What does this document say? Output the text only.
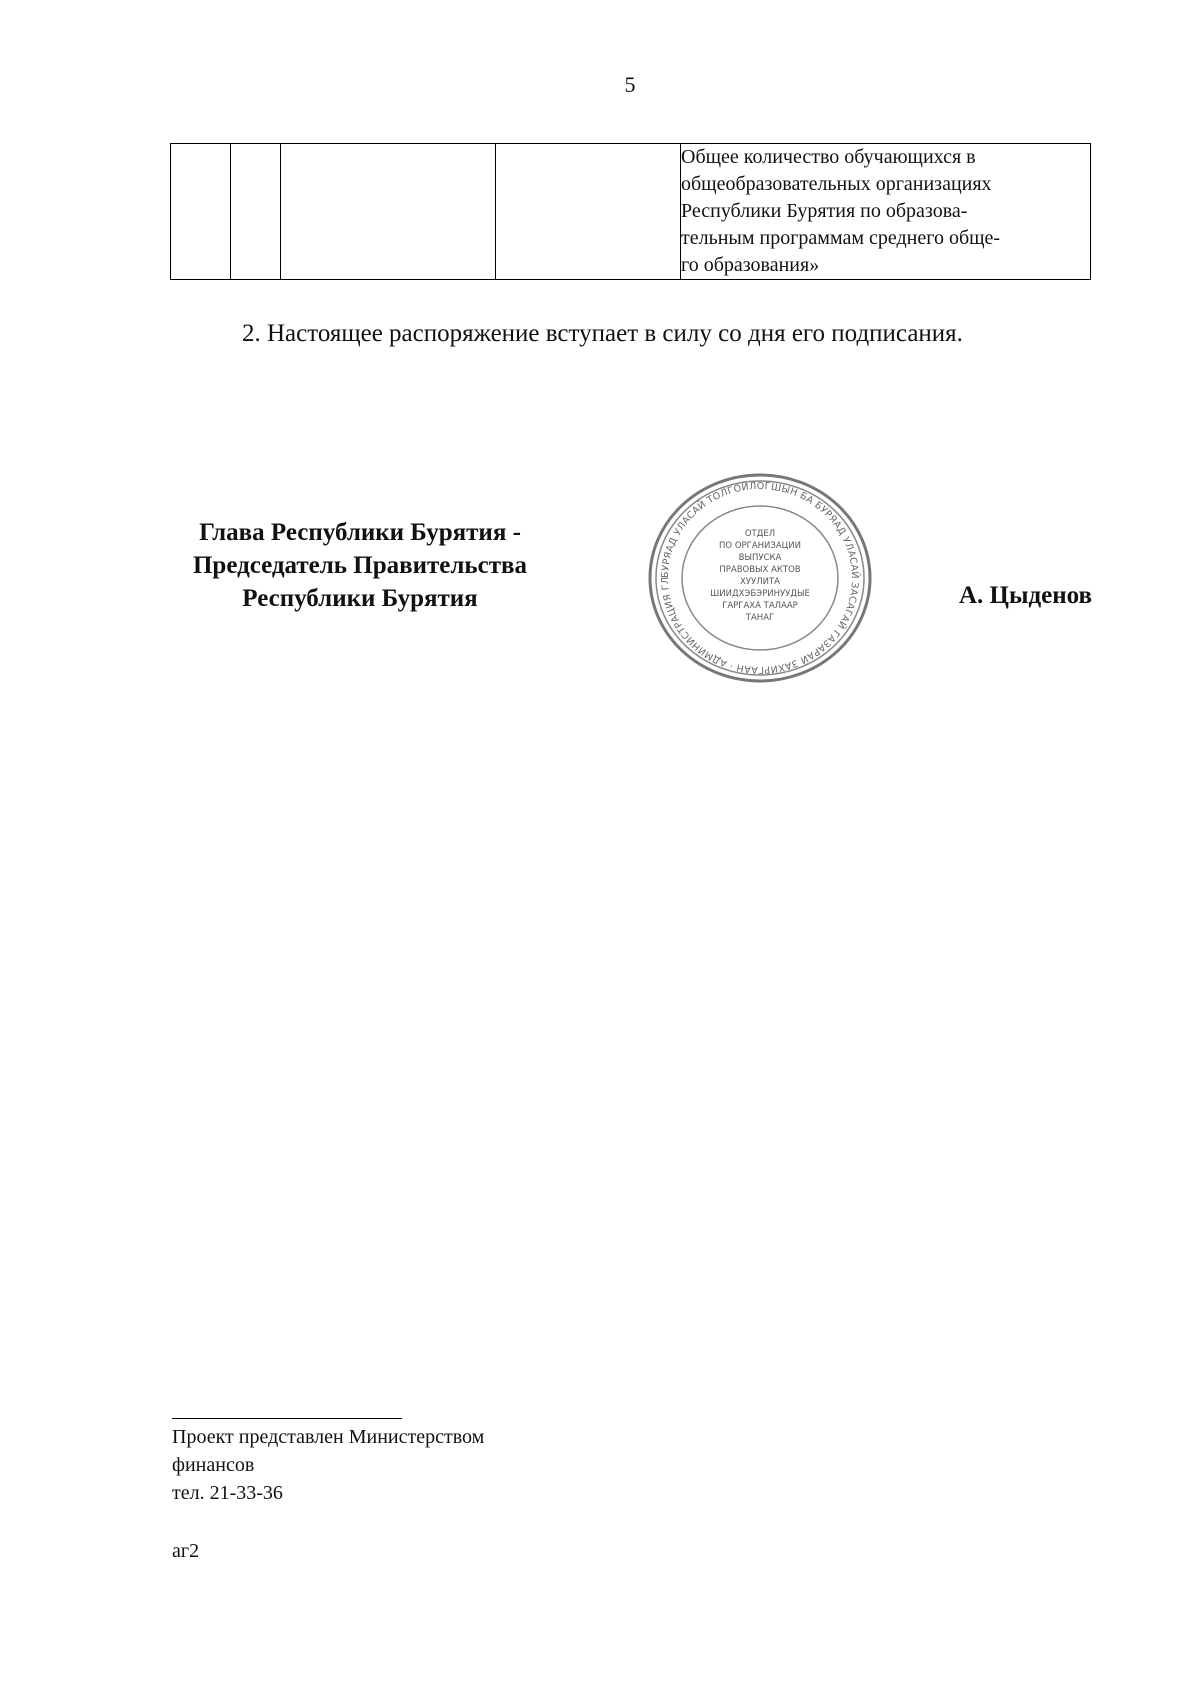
5

Общее количество обучающихся в
общеобразовательных организациях
Республики Бурятия по образова-
тельным программам среднего обще-
го образования»
2. Настоящее распоряжение вступает в силу со дня его подписания.
Глава Республики Бурятия -
Председатель Правительства
Республики Бурятия
БУРЯАД УЛАСАЙ ТОЛГОЙЛОГШЫН БА БУРЯАД УЛАСАЙ ЗАСАГАЙ ГАЗАРАЙ ЗАХИРГААН · АДМИНИСТРАЦИЯ ГЛ
ОТДЕЛ
ПО ОРГАНИЗАЦИИ
ВЫПУСКА
ПРАВОВЫХ АКТОВ
ХУУЛИТА
ШИИДХЭБЭРИНУУДЫЕ
ГАРГАХА ТАЛААР
ТАНАГ
А. Цыденов
Проект представлен Министерством
финансов
тел. 21-33-36
аг2
